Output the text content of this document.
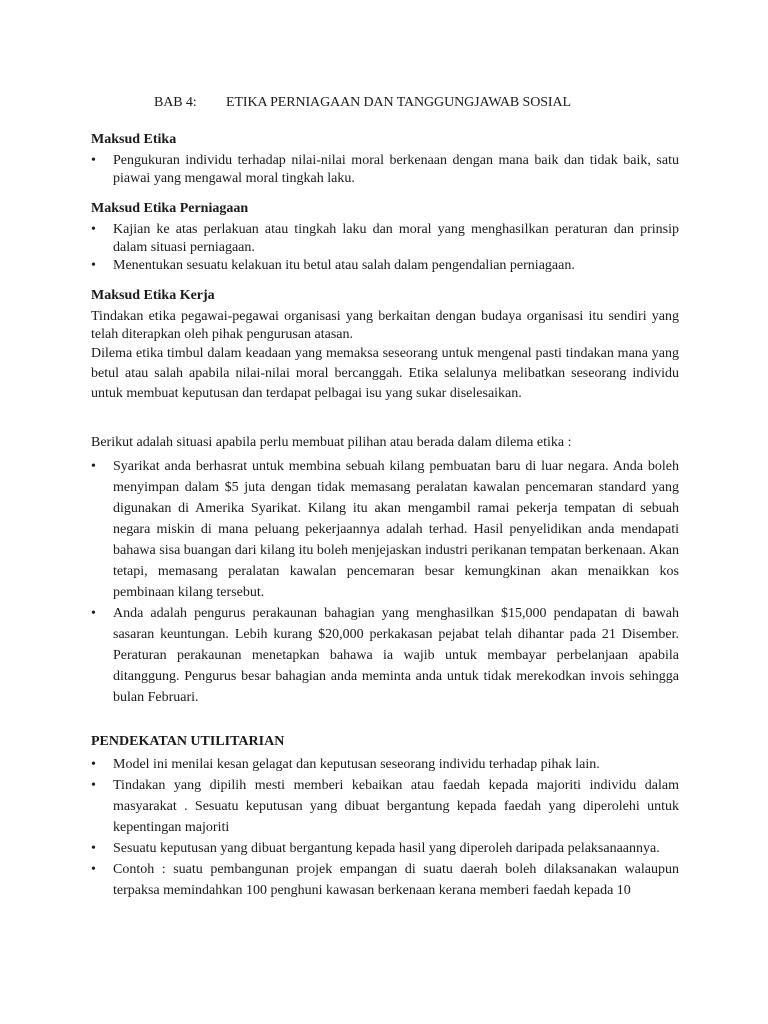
BAB 4:	ETIKA PERNIAGAAN DAN TANGGUNGJAWAB SOSIAL
Maksud Etika
• Pengukuran individu terhadap nilai-nilai moral berkenaan dengan mana baik dan tidak baik, satu piawai yang mengawal moral tingkah laku.
Maksud Etika Perniagaan
• Kajian ke atas perlakuan atau tingkah laku dan moral yang menghasilkan peraturan dan prinsip dalam situasi perniagaan.
• Menentukan sesuatu kelakuan itu betul atau salah dalam pengendalian perniagaan.
Maksud Etika Kerja

Tindakan etika pegawai-pegawai organisasi yang berkaitan dengan budaya organisasi itu sendiri yang telah diterapkan oleh pihak pengurusan atasan.

Dilema etika timbul dalam keadaan yang memaksa seseorang untuk mengenal pasti tindakan mana yang betul atau salah apabila nilai-nilai moral bercanggah. Etika selalunya melibatkan seseorang individu untuk membuat keputusan dan terdapat pelbagai isu yang sukar diselesaikan.

Berikut adalah situasi apabila perlu membuat pilihan atau berada dalam dilema etika :

• Syarikat anda berhasrat untuk membina sebuah kilang pembuatan baru di luar negara. Anda boleh menyimpan dalam $5 juta dengan tidak memasang peralatan kawalan pencemaran standard yang digunakan di Amerika Syarikat. Kilang itu akan mengambil ramai pekerja tempatan di sebuah negara miskin di mana peluang pekerjaannya adalah terhad. Hasil penyelidikan anda mendapati bahawa sisa buangan dari kilang itu boleh menjejaskan industri perikanan tempatan berkenaan. Akan tetapi, memasang peralatan kawalan pencemaran besar kemungkinan akan menaikkan kos pembinaan kilang tersebut.
• Anda adalah pengurus perakaunan bahagian yang menghasilkan $15,000 pendapatan di bawah sasaran keuntungan. Lebih kurang $20,000 perkakasan pejabat telah dihantar pada 21 Disember. Peraturan perakaunan menetapkan bahawa ia wajib untuk membayar perbelanjaan apabila ditanggung. Pengurus besar bahagian anda meminta anda untuk tidak merekodkan invois sehingga bulan Februari.
PENDEKATAN UTILITARIAN
• Model ini menilai kesan gelagat dan keputusan seseorang individu terhadap pihak lain.
• Tindakan yang dipilih mesti memberi kebaikan atau faedah kepada majoriti individu dalam masyarakat . Sesuatu keputusan yang dibuat bergantung kepada faedah yang diperolehi untuk kepentingan majoriti
• Sesuatu keputusan yang dibuat bergantung kepada hasil yang diperoleh daripada pelaksanaannya.
• Contoh : suatu pembangunan projek empangan di suatu daerah boleh dilaksanakan walaupun terpaksa memindahkan 100 penghuni kawasan berkenaan kerana memberi faedah kepada 10
